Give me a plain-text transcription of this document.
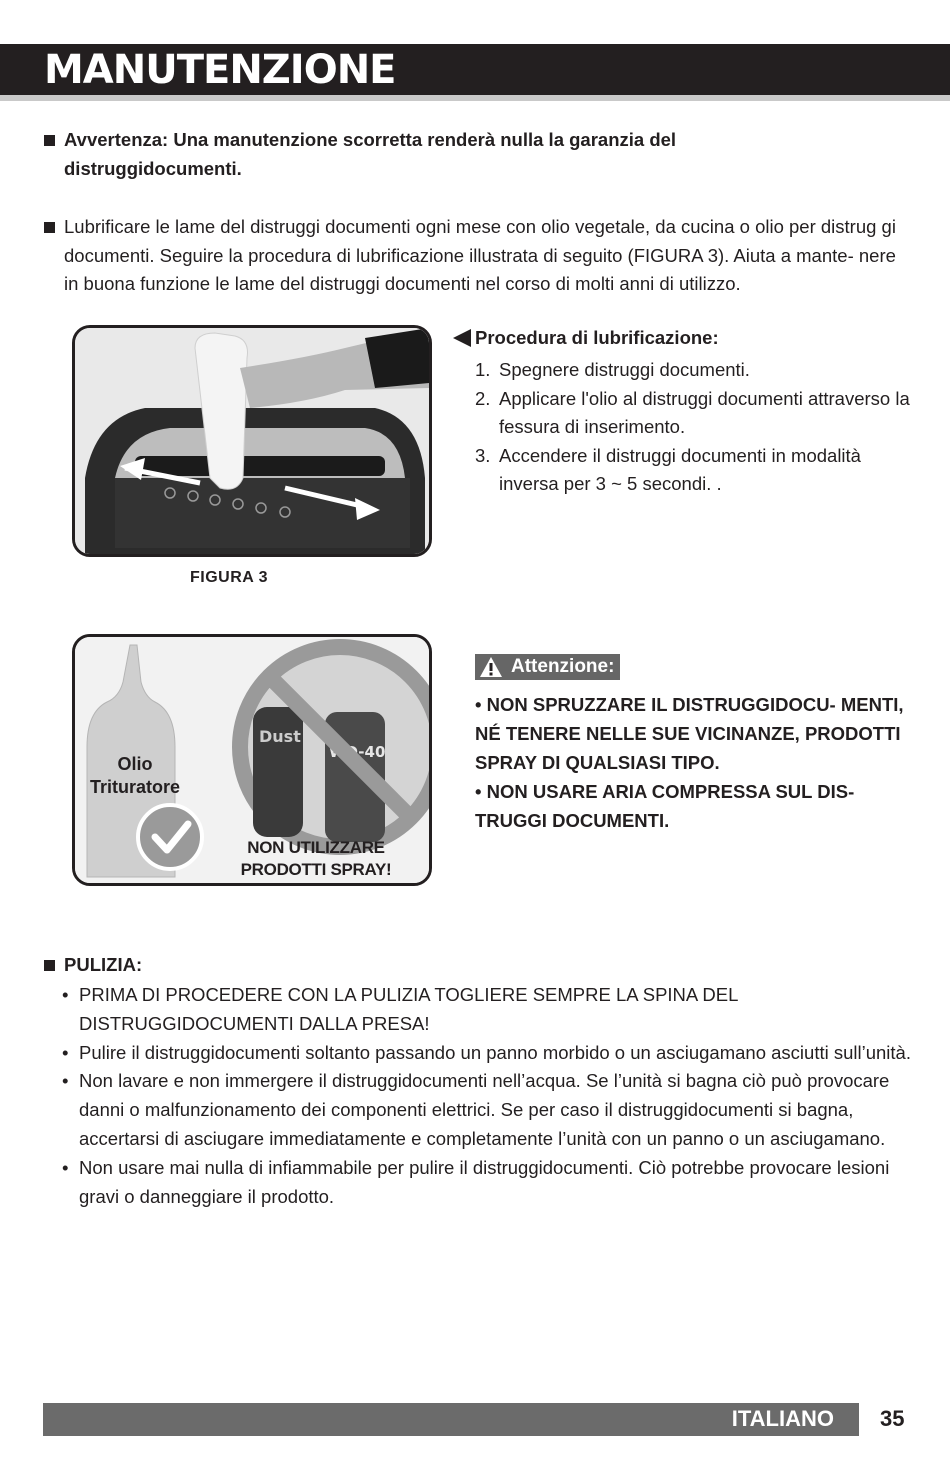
MANUTENZIONE

Avvertenza: Una manutenzione scorretta renderà nulla la garanzia del distruggidocumenti.

Lubrificare le lame del distruggi documenti ogni mese con olio vegetale, da cucina o olio per distrug gi documenti. Seguire la procedura di lubrificazione illustrata di seguito (FIGURA 3). Aiuta a mante- nere in buona funzione le lame del distruggi documenti nel corso di molti anni di utilizzo.

FIGURA 3
Procedura di lubrificazione:
1. Spegnere distruggi documenti.
2. Applicare l'olio al distruggi documenti attraverso la fessura di inserimento.
3. Accendere il distruggi documenti in modalità inversa per 3 ~ 5 secondi. .
Dust
WD-40
Olio Trituratore
NON UTILIZZARE PRODOTTI SPRAY!
Attenzione:
• NON SPRUZZARE IL DISTRUGGIDOCU- MENTI, NÉ TENERE NELLE SUE VICINANZE, PRODOTTI SPRAY DI QUALSIASI TIPO.
• NON USARE ARIA COMPRESSA SUL DIS- TRUGGI DOCUMENTI.
PULIZIA:
• PRIMA DI PROCEDERE CON LA PULIZIA TOGLIERE SEMPRE LA SPINA DEL DISTRUGGIDOCUMENTI DALLA PRESA!
• Pulire il distruggidocumenti soltanto passando un panno morbido o un asciugamano asciutti sull’unità.
• Non lavare e non immergere il distruggidocumenti nell’acqua. Se l’unità si bagna ciò può provocare danni o malfunzionamento dei componenti elettrici. Se per caso il distruggidocumenti si bagna, accertarsi di asciugare immediatamente e completamente l’unità con un panno o un asciugamano.
• Non usare mai nulla di infiammabile per pulire il distruggidocumenti. Ciò potrebbe provocare lesioni gravi o danneggiare il prodotto.
ITALIANO 35
